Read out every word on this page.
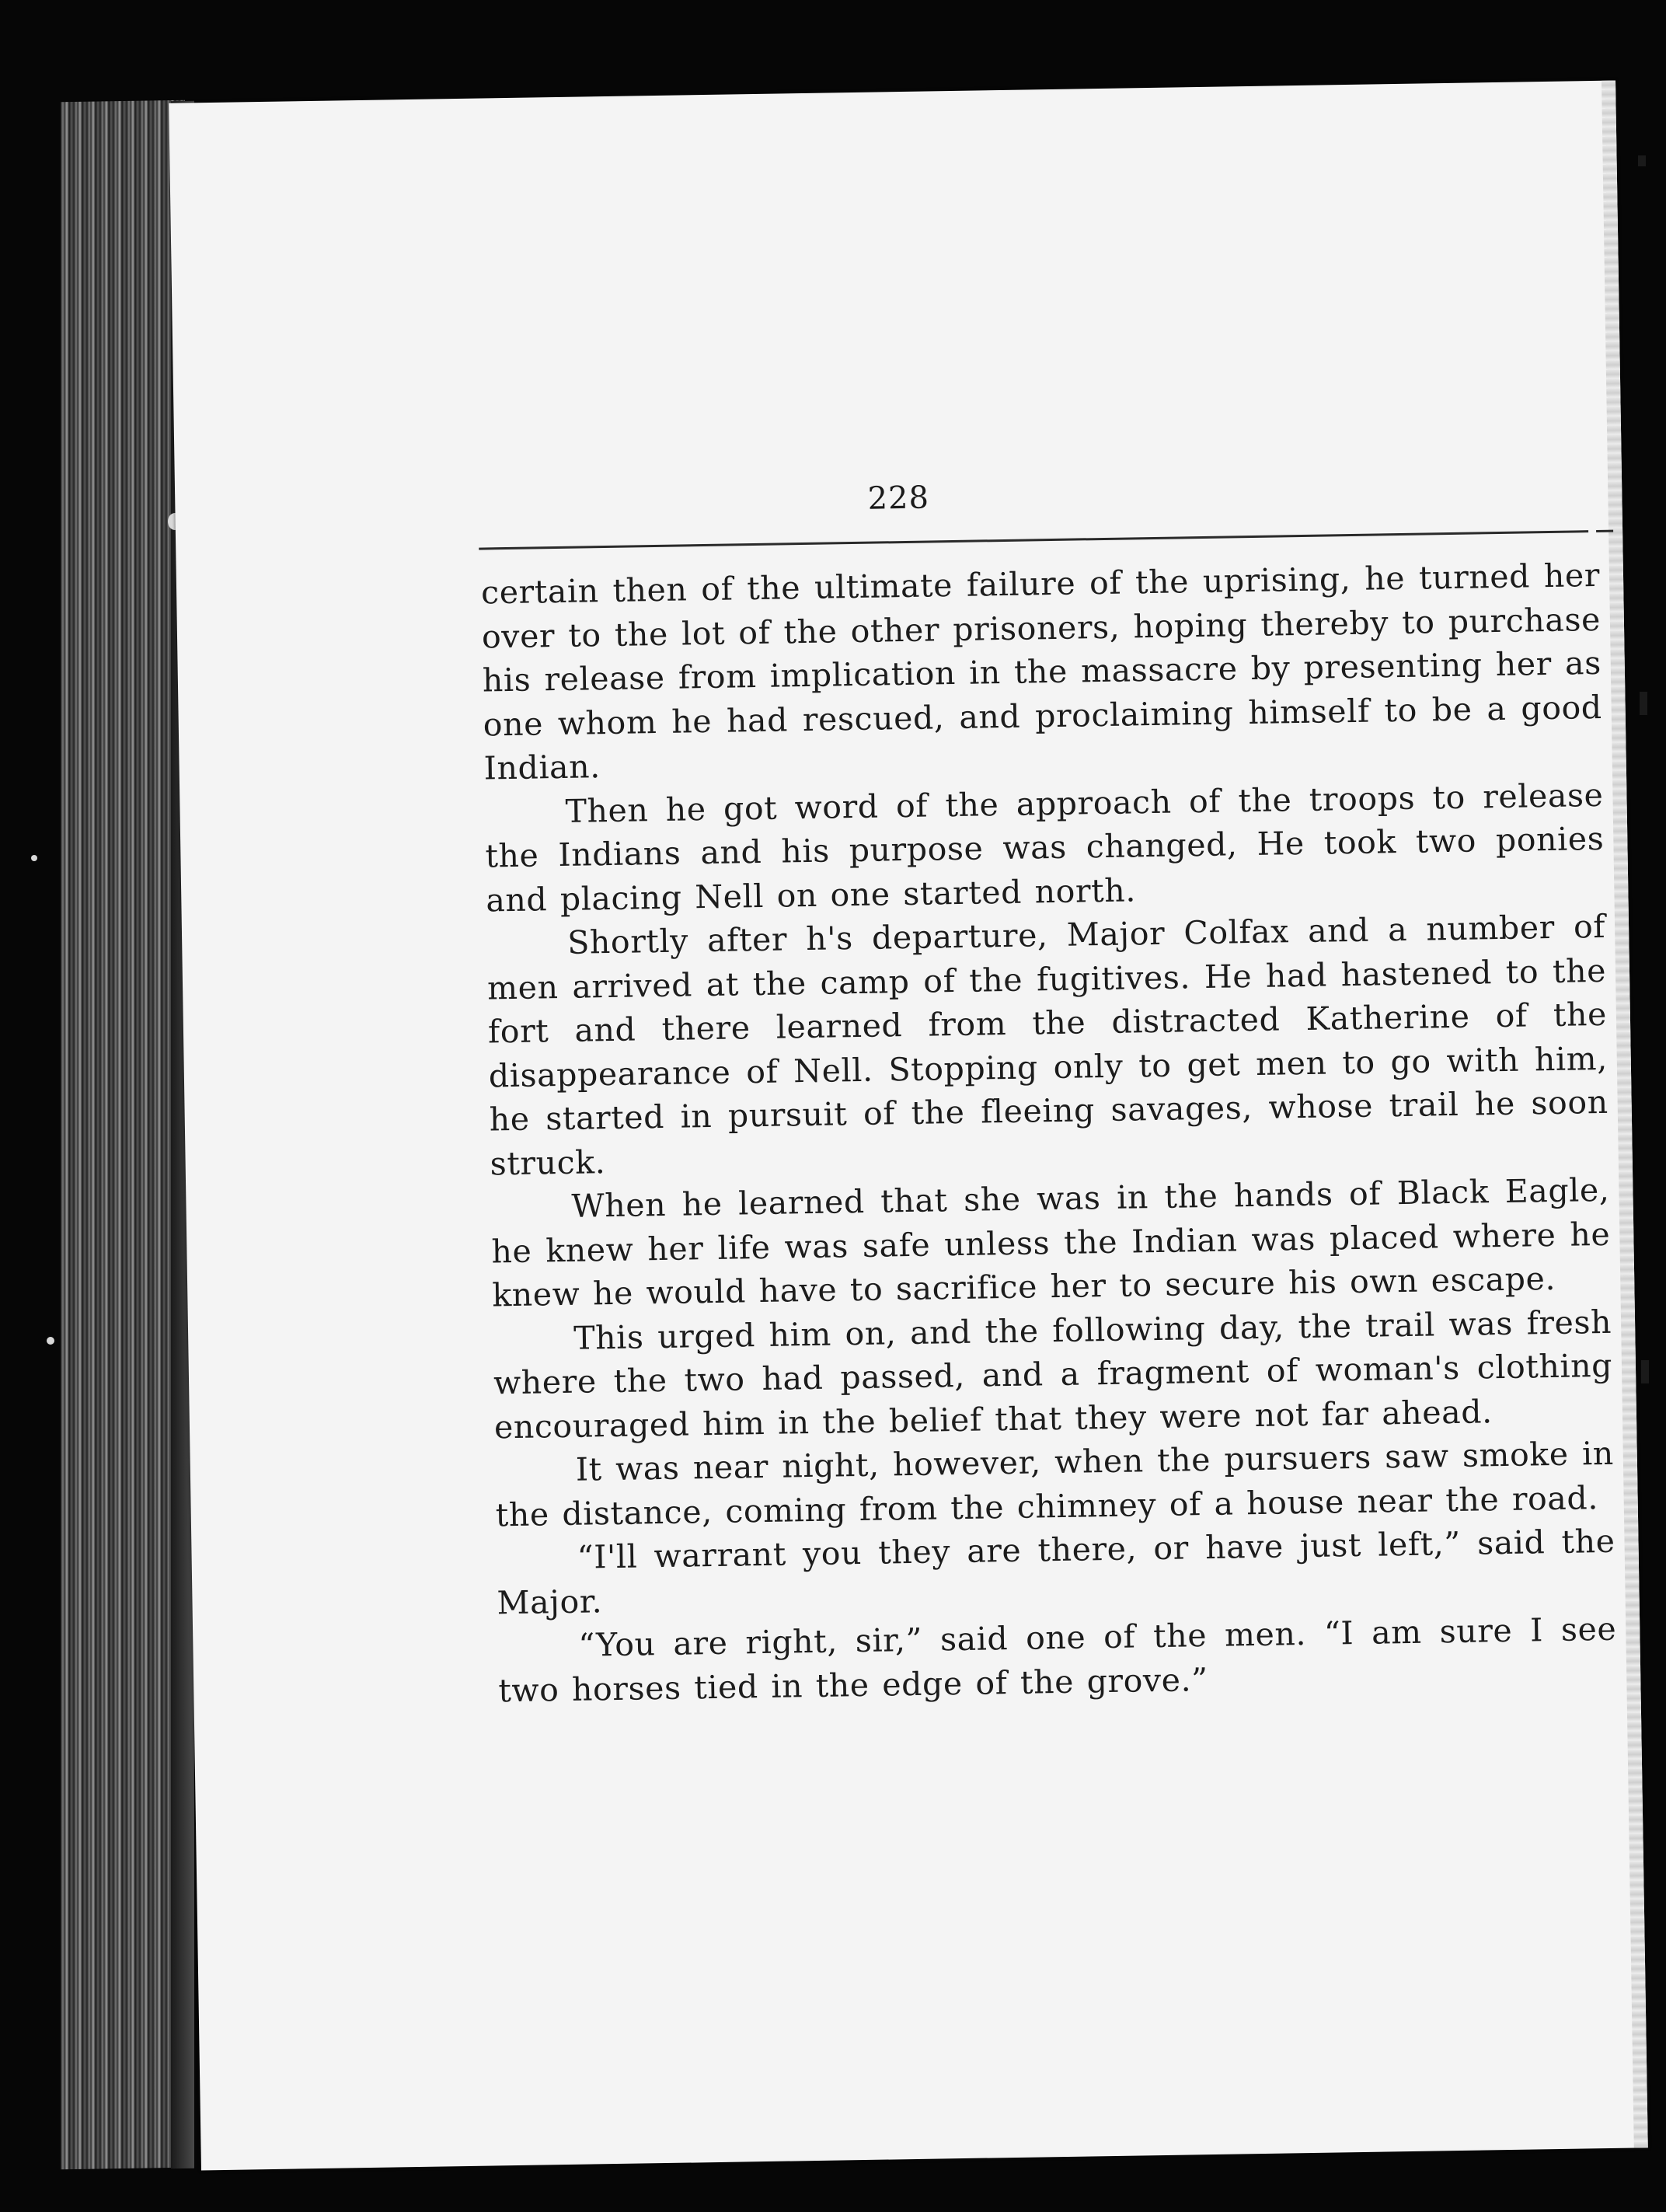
228

certain then of the ultimate failure of the uprising, he turned her over to the lot of the other prisoners, hoping thereby to purchase his release from implication in the massacre by presenting her as one whom he had rescued, and proclaiming himself to be a good Indian.

Then he got word of the approach of the troops to release the Indians and his purpose was changed, He took two ponies and placing Nell on one started north.

Shortly after h's departure, Major Colfax and a number of men arrived at the camp of the fugitives. He had hastened to the fort and there learned from the distracted Katherine of the disappearance of Nell. Stopping only to get men to go with him, he started in pursuit of the fleeing savages, whose trail he soon struck.

When he learned that she was in the hands of Black Eagle, he knew her life was safe unless the Indian was placed where he knew he would have to sacrifice her to secure his own escape.

This urged him on, and the following day, the trail was fresh where the two had passed, and a fragment of woman's clothing encouraged him in the belief that they were not far ahead.

It was near night, however, when the pursuers saw smoke in the distance, coming from the chimney of a house near the road.

“I'll warrant you they are there, or have just left,” said the Major.

“You are right, sir,” said one of the men. “I am sure I see two horses tied in the edge of the grove.”
